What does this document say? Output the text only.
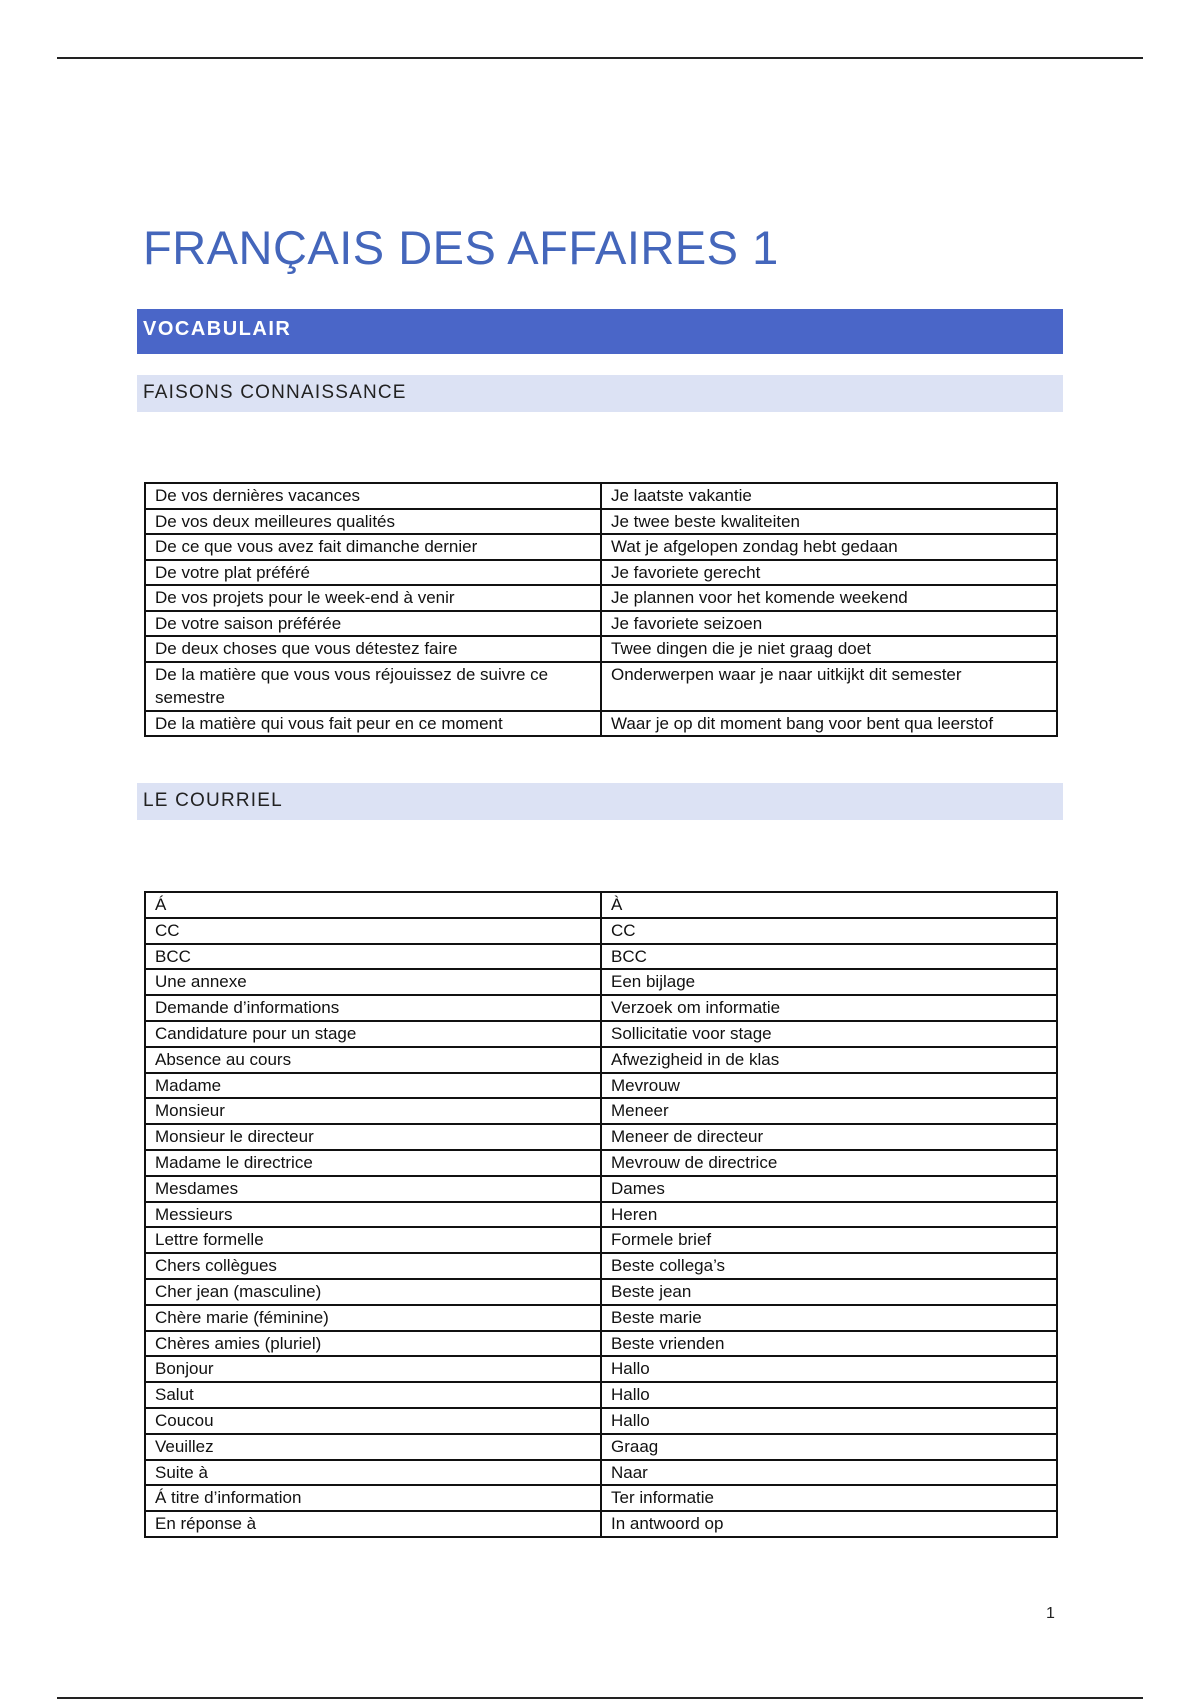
FRANÇAIS DES AFFAIRES 1
VOCABULAIR
FAISONS CONNAISSANCE
De vos dernières vacances	Je laatste vakantie
De vos deux meilleures qualités	Je twee beste kwaliteiten
De ce que vous avez fait dimanche dernier	Wat je afgelopen zondag hebt gedaan
De votre plat préféré	Je favoriete gerecht
De vos projets pour le week-end à venir	Je plannen voor het komende weekend
De votre saison préférée	Je favoriete seizoen
De deux choses que vous détestez faire	Twee dingen die je niet graag doet
De la matière que vous vous réjouissez de suivre ce semestre	Onderwerpen waar je naar uitkijkt dit semester
De la matière qui vous fait peur en ce moment	Waar je op dit moment bang voor bent qua leerstof
LE COURRIEL
Á	À
CC	CC
BCC	BCC
Une annexe	Een bijlage
Demande d’informations	Verzoek om informatie
Candidature pour un stage	Sollicitatie voor stage
Absence au cours	Afwezigheid in de klas
Madame	Mevrouw
Monsieur	Meneer
Monsieur le directeur	Meneer de directeur
Madame le directrice	Mevrouw de directrice
Mesdames	Dames
Messieurs	Heren
Lettre formelle	Formele brief
Chers collègues	Beste collega’s
Cher jean (masculine)	Beste jean
Chère marie (féminine)	Beste marie
Chères amies (pluriel)	Beste vrienden
Bonjour	Hallo
Salut	Hallo
Coucou	Hallo
Veuillez	Graag
Suite à	Naar
Á titre d’information	Ter informatie
En réponse à	In antwoord op
1
